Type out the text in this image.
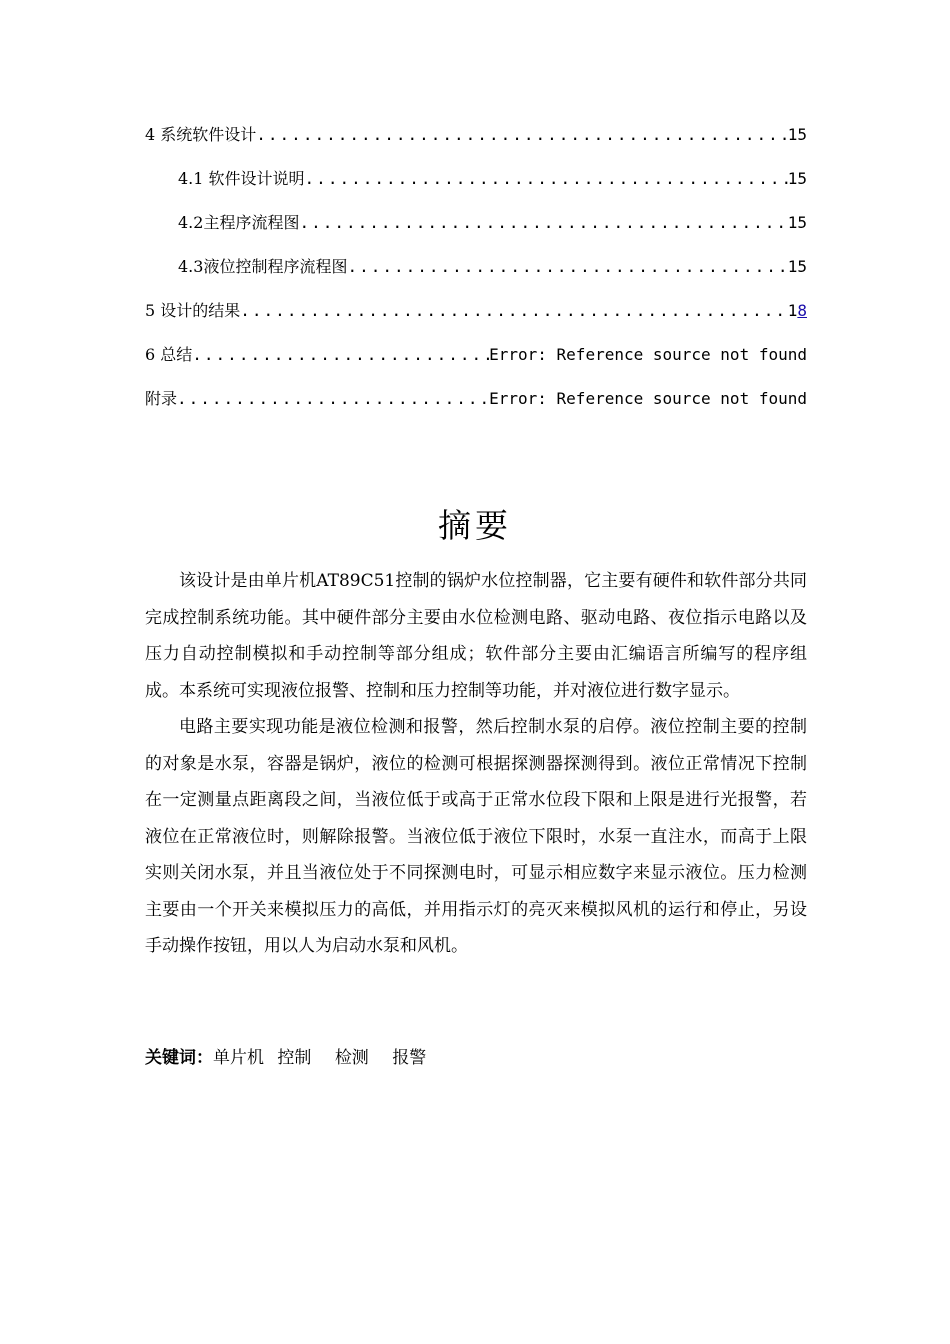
4 系统软件设计 .....	15
4.1 软件设计说明 .....	15
4.2主程序流程图 .....	15
4.3液位控制程序流程图 .....	15
5 设计的结果 .....	18
6 总结 .....	Error: Reference source not found
附录 .....	Error: Reference source not found
摘要

该设计是由单片机AT89C51控制的锅炉水位控制器，它主要有硬件和软件部分共同完成控制系统功能。其中硬件部分主要由水位检测电路、驱动电路、夜位指示电路以及压力自动控制模拟和手动控制等部分组成；软件部分主要由汇编语言所编写的程序组成。本系统可实现液位报警、控制和压力控制等功能，并对液位进行数字显示。

电路主要实现功能是液位检测和报警，然后控制水泵的启停。液位控制主要的控制的对象是水泵，容器是锅炉，液位的检测可根据探测器探测得到。液位正常情况下控制在一定测量点距离段之间，当液位低于或高于正常水位段下限和上限是进行光报警，若液位在正常液位时，则解除报警。当液位低于液位下限时，水泵一直注水，而高于上限实则关闭水泵，并且当液位处于不同探测电时，可显示相应数字来显示液位。压力检测主要由一个开关来模拟压力的高低，并用指示灯的亮灭来模拟风机的运行和停止，另设手动操作按钮，用以人为启动水泵和风机。

关键词：单片机 控制 检测 报警
